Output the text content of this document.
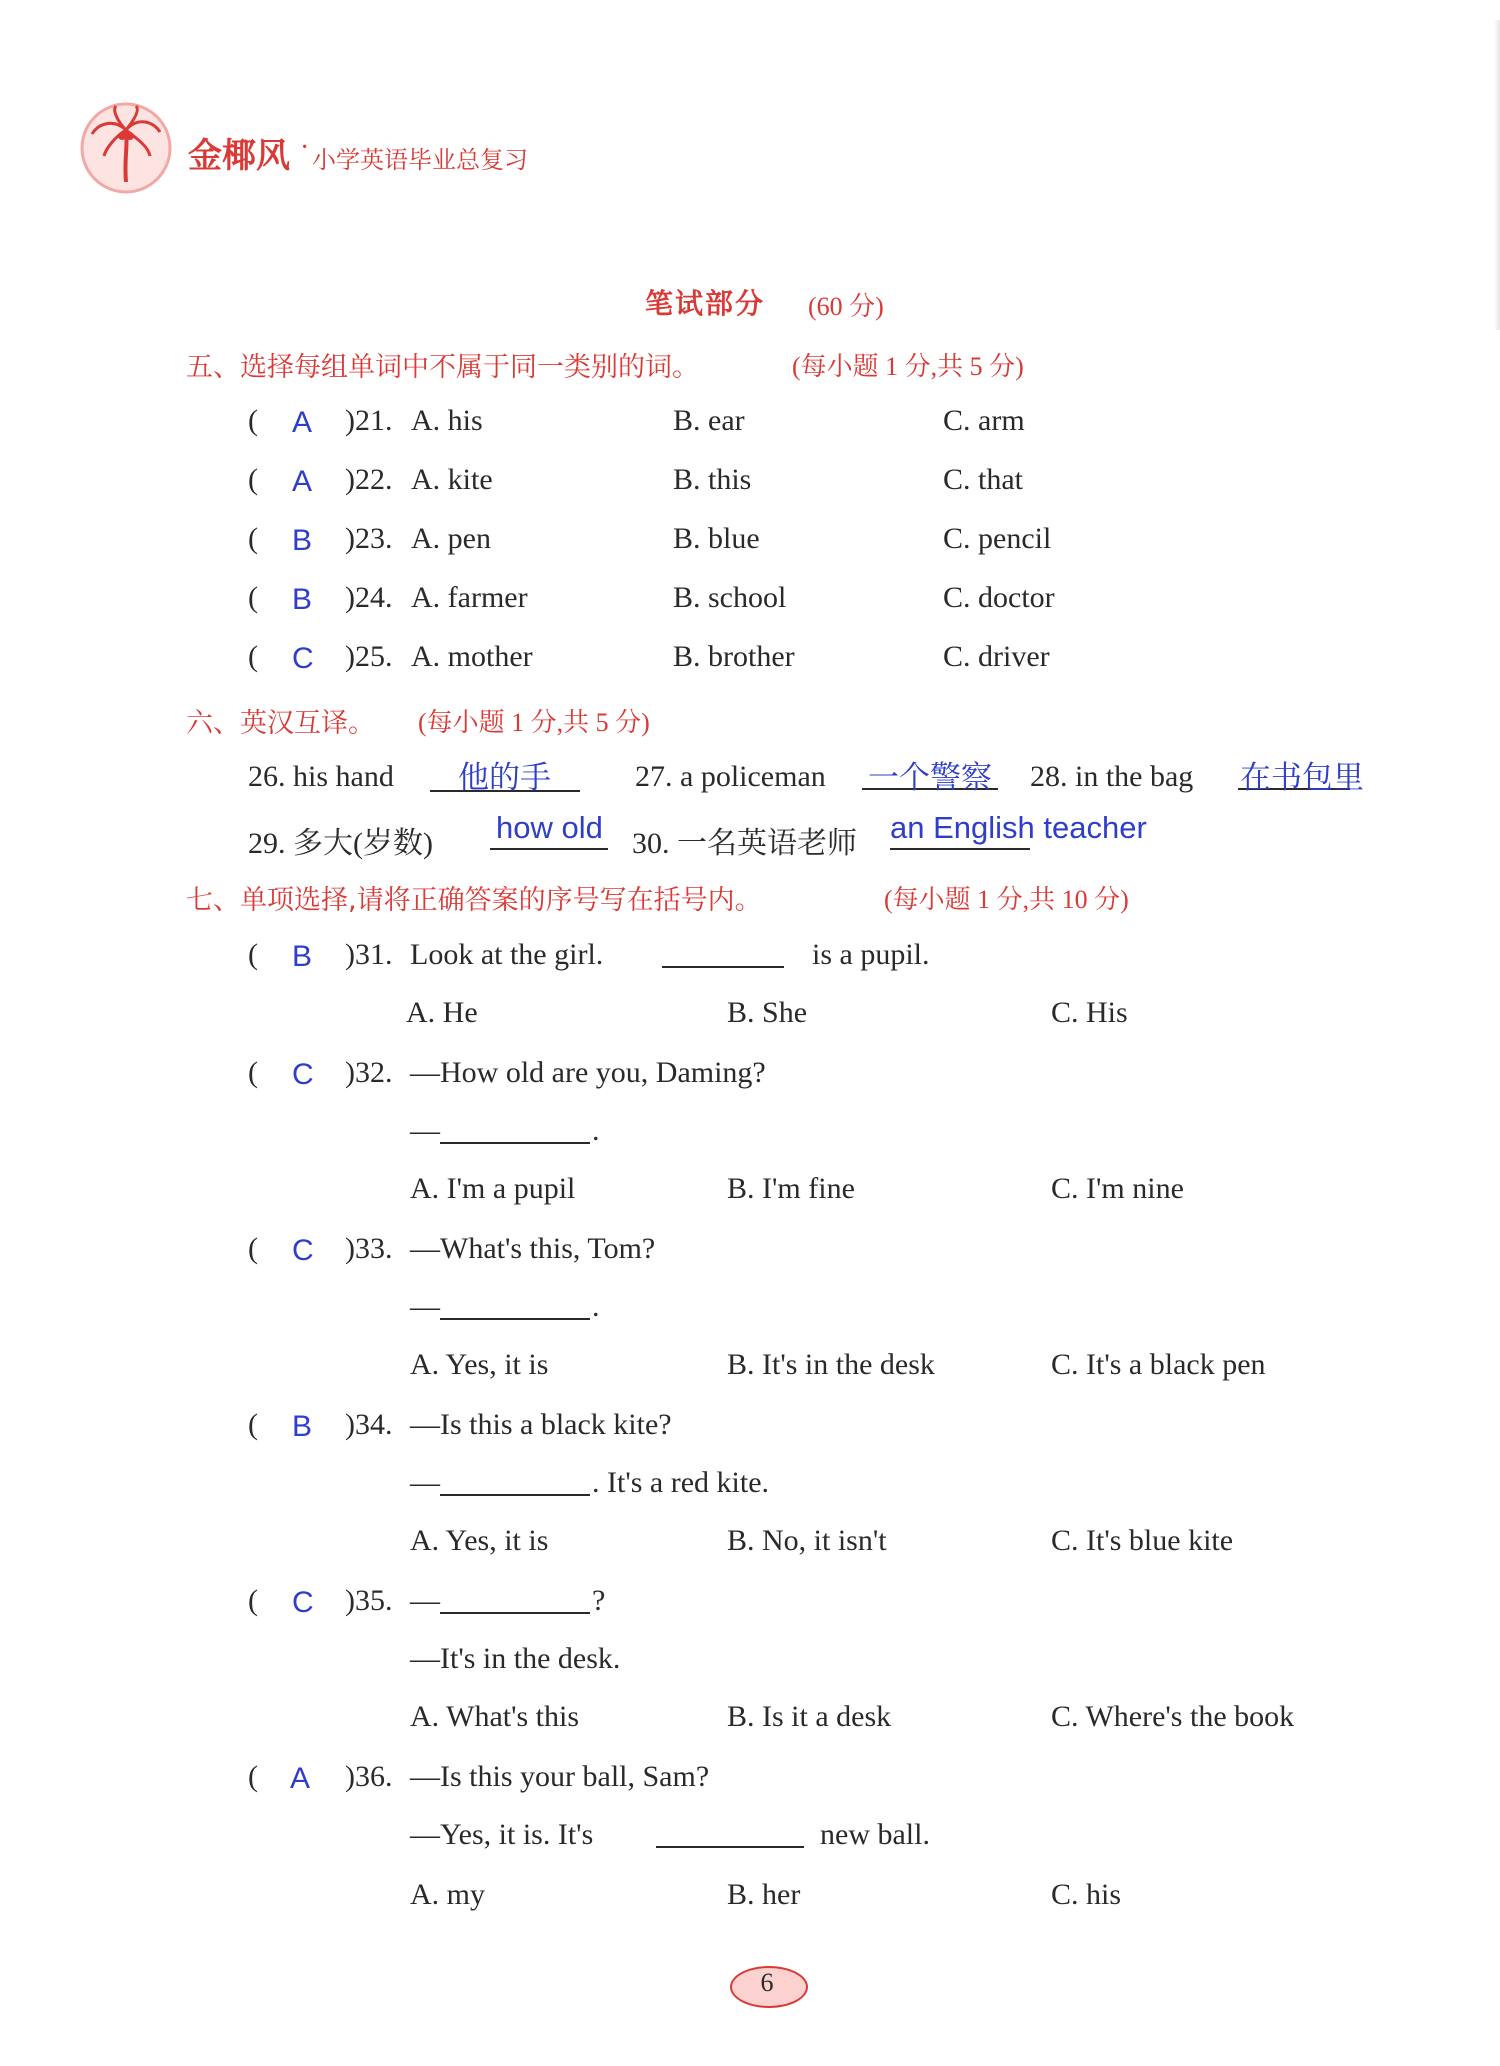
金椰风 · 小学英语毕业总复习
笔试部分 (60 分)
五、选择每组单词中不属于同一类别的词。	(每小题 1 分,共 5 分)
( A )21. A. his	B. ear	C. arm
( A )22. A. kite	B. this	C. that
( B )23. A. pen	B. blue	C. pencil
( B )24. A. farmer	B. school	C. doctor
( C )25. A. mother	B. brother	C. driver
六、英汉互译。 (每小题 1 分,共 5 分)
26. his hand 他的手	27. a policeman 一个警察 28. in the bag 在书包里
29. 多大(岁数) how old 30. 一名英语老师 an English teacher
七、单项选择,请将正确答案的序号写在括号内。	(每小题 1 分,共 10 分)
( B )31. Look at the girl.	is a pupil.
A. He	B. She	C. His
( C )32. —How old are you, Daming?
—	.
A. I'm a pupil	B. I'm fine	C. I'm nine
( C )33. —What's this, Tom?
—	.
A. Yes, it is	B. It's in the desk	C. It's a black pen
( B )34. —Is this a black kite?
—	. It's a red kite.
A. Yes, it is	B. No, it isn't	C. It's blue kite
( C )35. —	?
—It's in the desk.
A. What's this	B. Is it a desk	C. Where's the book
( A )36. —Is this your ball, Sam?
—Yes, it is. It's	new ball.
A. my	B. her	C. his
6
